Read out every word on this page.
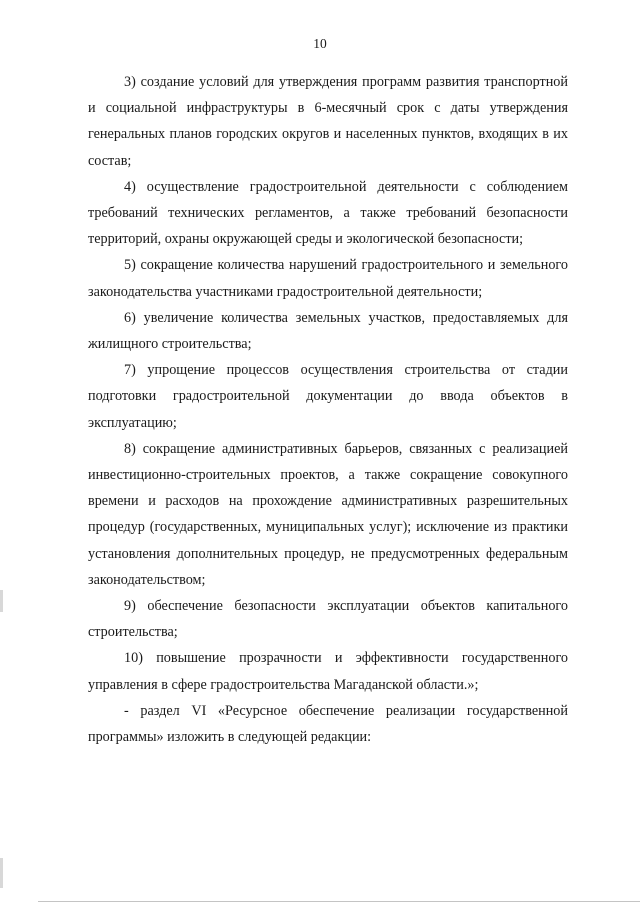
10

3) создание условий для утверждения программ развития транспортной и социальной инфраструктуры в 6-месячный срок с даты утверждения генеральных планов городских округов и населенных пунктов, входящих в их состав;

4) осуществление градостроительной деятельности с соблюдением требований технических регламентов, а также требований безопасности территорий, охраны окружающей среды и экологической безопасности;

5) сокращение количества нарушений градостроительного и земельного законодательства участниками градостроительной деятельности;

6) увеличение количества земельных участков, предоставляемых для жилищного строительства;

7) упрощение процессов осуществления строительства от стадии подготовки градостроительной документации до ввода объектов в эксплуатацию;

8) сокращение административных барьеров, связанных с реализацией инвестиционно-строительных проектов, а также сокращение совокупного времени и расходов на прохождение административных разрешительных процедур (государственных, муниципальных услуг); исключение из практики установления дополнительных процедур, не предусмотренных федеральным законодательством;

9) обеспечение безопасности эксплуатации объектов капитального строительства;

10) повышение прозрачности и эффективности государственного управления в сфере градостроительства Магаданской области.»;

- раздел VI «Ресурсное обеспечение реализации государственной программы» изложить в следующей редакции:
